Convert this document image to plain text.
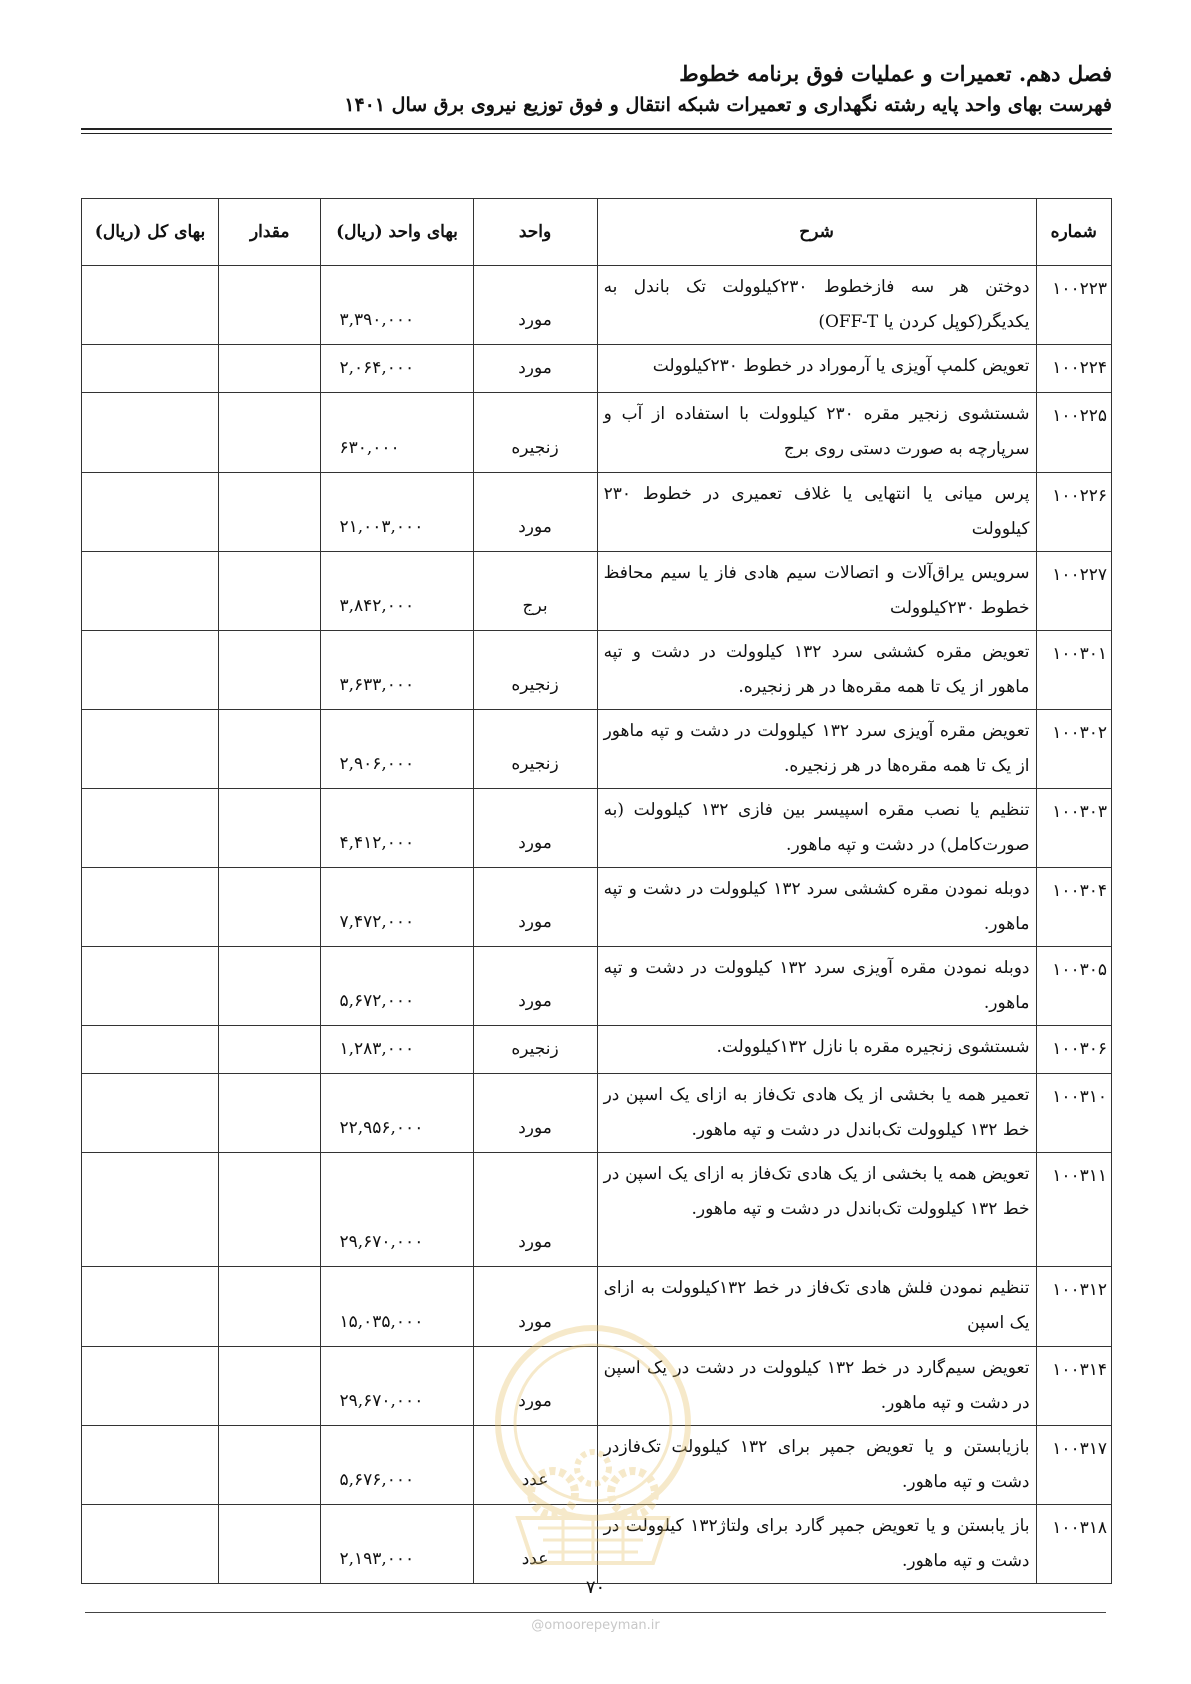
فصل دهم. تعمیرات و عملیات فوق برنامه خطوط
فهرست بهای واحد پایه رشته نگهداری و تعمیرات شبکه انتقال و فوق توزیع نیروی برق سال ۱۴۰۱
شماره	شرح	واحد	بهای واحد (ریال)	مقدار	بهای کل (ریال)
۱۰۰۲۲۳	دوختن هر سه فازخطوط ۲۳۰کیلوولت تک باندل به یکدیگر(کوپل کردن یا OFF-T)	مورد	۳,۳۹۰,۰۰۰		
۱۰۰۲۲۴	تعویض کلمپ آویزی یا آرموراد در خطوط ۲۳۰کیلوولت	مورد	۲,۰۶۴,۰۰۰		
۱۰۰۲۲۵	شستشوی زنجیر مقره ۲۳۰ کیلوولت با استفاده از آب و سرپارچه به صورت دستی روی برج	زنجیره	۶۳۰,۰۰۰		
۱۰۰۲۲۶	پرس میانی یا انتهایی یا غلاف تعمیری در خطوط ۲۳۰ کیلوولت	مورد	۲۱,۰۰۳,۰۰۰		
۱۰۰۲۲۷	سرویس یراق‌آلات و اتصالات سیم هادی فاز یا سیم محافظ خطوط ۲۳۰کیلوولت	برج	۳,۸۴۲,۰۰۰		
۱۰۰۳۰۱	تعویض مقره کششی سرد ۱۳۲ کیلوولت در دشت و تپه ماهور از یک تا همه مقره‌ها در هر زنجیره.	زنجیره	۳,۶۳۳,۰۰۰		
۱۰۰۳۰۲	تعویض مقره آویزی سرد ۱۳۲ کیلوولت در دشت و تپه ماهور از یک تا همه مقره‌ها در هر زنجیره.	زنجیره	۲,۹۰۶,۰۰۰		
۱۰۰۳۰۳	تنظیم یا نصب مقره اسپیسر بین فازی ۱۳۲ کیلوولت (به صورت‌کامل) در دشت و تپه ماهور.	مورد	۴,۴۱۲,۰۰۰		
۱۰۰۳۰۴	دوبله نمودن مقره کششی سرد ۱۳۲ کیلوولت در دشت و تپه ماهور.	مورد	۷,۴۷۲,۰۰۰		
۱۰۰۳۰۵	دوبله نمودن مقره آویزی سرد ۱۳۲ کیلوولت در دشت و تپه ماهور.	مورد	۵,۶۷۲,۰۰۰		
۱۰۰۳۰۶	شستشوی زنجیره مقره با نازل ۱۳۲کیلوولت.	زنجیره	۱,۲۸۳,۰۰۰		
۱۰۰۳۱۰	تعمیر همه یا بخشی از یک هادی تک‌فاز به ازای یک اسپن در خط ۱۳۲ کیلوولت تک‌باندل در دشت و تپه ماهور.	مورد	۲۲,۹۵۶,۰۰۰		
۱۰۰۳۱۱	تعویض همه یا بخشی از یک هادی تک‌فاز به ازای یک اسپن در خط ۱۳۲ کیلوولت تک‌باندل در دشت و تپه ماهور.	مورد	۲۹,۶۷۰,۰۰۰		
۱۰۰۳۱۲	تنظیم نمودن فلش هادی تک‌فاز در خط ۱۳۲کیلوولت به ازای یک اسپن	مورد	۱۵,۰۳۵,۰۰۰		
۱۰۰۳۱۴	تعویض سیم‌گارد در خط ۱۳۲ کیلوولت در دشت در یک اسپن در دشت و تپه ماهور.	مورد	۲۹,۶۷۰,۰۰۰		
۱۰۰۳۱۷	بازیابستن و یا تعویض جمپر برای ۱۳۲ کیلوولت تک‌فازدر دشت و تپه ماهور.	عدد	۵,۶۷۶,۰۰۰		
۱۰۰۳۱۸	باز یابستن و یا تعویض جمپر گارد برای ولتاژ۱۳۲ کیلوولت در دشت و تپه ماهور.	عدد	۲,۱۹۳,۰۰۰		
۷۰
@omoorepeyman.ir
